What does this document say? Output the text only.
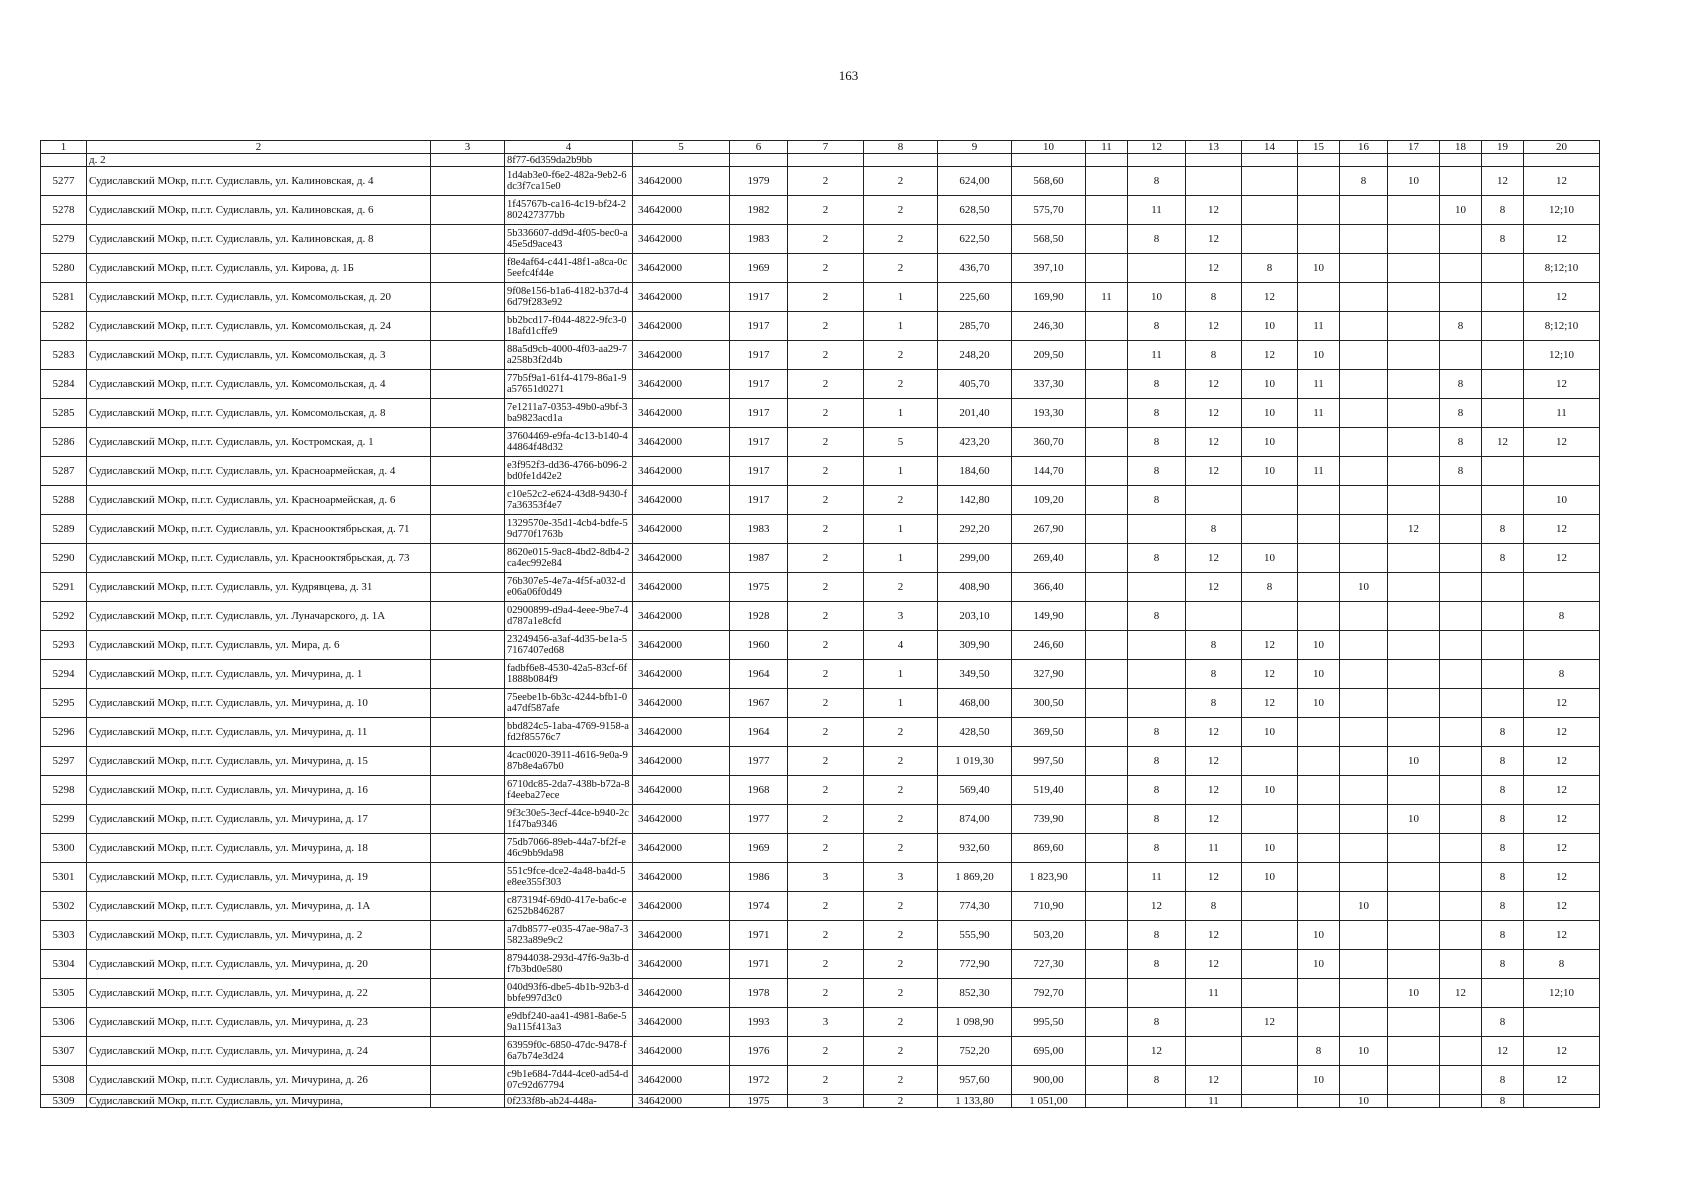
163
1	2	3	4	5	6	7	8	9	10	11	12	13	14	15	16	17	18	19	20
	д. 2		8f77-6d359da2b9bb																
5277	Судиславский МОкр, п.г.т. Судиславль, ул. Калиновская, д. 4		1d4ab3e0-f6e2-482a-9eb2-6dc3f7ca15e0	34642000	1979	2	2	624,00	568,60		8				8	10		12	12
5278	Судиславский МОкр, п.г.т. Судиславль, ул. Калиновская, д. 6		1f45767b-ca16-4c19-bf24-2802427377bb	34642000	1982	2	2	628,50	575,70		11	12					10	8	12;10
5279	Судиславский МОкр, п.г.т. Судиславль, ул. Калиновская, д. 8		5b336607-dd9d-4f05-bec0-a45e5d9ace43	34642000	1983	2	2	622,50	568,50		8	12						8	12
5280	Судиславский МОкр, п.г.т. Судиславль, ул. Кирова, д. 1Б		f8e4af64-c441-48f1-a8ca-0c5eefc4f44e	34642000	1969	2	2	436,70	397,10			12	8	10					8;12;10
5281	Судиславский МОкр, п.г.т. Судиславль, ул. Комсомольская, д. 20		9f08e156-b1a6-4182-b37d-46d79f283e92	34642000	1917	2	1	225,60	169,90	11	10	8	12						12
5282	Судиславский МОкр, п.г.т. Судиславль, ул. Комсомольская, д. 24		bb2bcd17-f044-4822-9fc3-018afd1cffe9	34642000	1917	2	1	285,70	246,30		8	12	10	11			8		8;12;10
5283	Судиславский МОкр, п.г.т. Судиславль, ул. Комсомольская, д. 3		88a5d9cb-4000-4f03-aa29-7a258b3f2d4b	34642000	1917	2	2	248,20	209,50		11	8	12	10					12;10
5284	Судиславский МОкр, п.г.т. Судиславль, ул. Комсомольская, д. 4		77b5f9a1-61f4-4179-86a1-9a57651d0271	34642000	1917	2	2	405,70	337,30		8	12	10	11			8		12
5285	Судиславский МОкр, п.г.т. Судиславль, ул. Комсомольская, д. 8		7e1211a7-0353-49b0-a9bf-3ba9823acd1a	34642000	1917	2	1	201,40	193,30		8	12	10	11			8		11
5286	Судиславский МОкр, п.г.т. Судиславль, ул. Костромская, д. 1		37604469-e9fa-4c13-b140-444864f48d32	34642000	1917	2	5	423,20	360,70		8	12	10				8	12	12
5287	Судиславский МОкр, п.г.т. Судиславль, ул. Красноармейская, д. 4		e3f952f3-dd36-4766-b096-2bd0fe1d42e2	34642000	1917	2	1	184,60	144,70		8	12	10	11			8		
5288	Судиславский МОкр, п.г.т. Судиславль, ул. Красноармейская, д. 6		c10e52c2-e624-43d8-9430-f7a36353f4e7	34642000	1917	2	2	142,80	109,20		8								10
5289	Судиславский МОкр, п.г.т. Судиславль, ул. Краснооктябрьская, д. 71		1329570e-35d1-4cb4-bdfe-59d770f1763b	34642000	1983	2	1	292,20	267,90			8				12		8	12
5290	Судиславский МОкр, п.г.т. Судиславль, ул. Краснооктябрьская, д. 73		8620e015-9ac8-4bd2-8db4-2ca4ec992e84	34642000	1987	2	1	299,00	269,40		8	12	10					8	12
5291	Судиславский МОкр, п.г.т. Судиславль, ул. Кудрявцева, д. 31		76b307e5-4e7a-4f5f-a032-de06a06f0d49	34642000	1975	2	2	408,90	366,40			12	8		10				
5292	Судиславский МОкр, п.г.т. Судиславль, ул. Луначарского, д. 1А		02900899-d9a4-4eee-9be7-4d787a1e8cfd	34642000	1928	2	3	203,10	149,90		8								8
5293	Судиславский МОкр, п.г.т. Судиславль, ул. Мира, д. 6		23249456-a3af-4d35-be1a-57167407ed68	34642000	1960	2	4	309,90	246,60			8	12	10					
5294	Судиславский МОкр, п.г.т. Судиславль, ул. Мичурина, д. 1		fadbf6e8-4530-42a5-83cf-6f1888b084f9	34642000	1964	2	1	349,50	327,90			8	12	10					8
5295	Судиславский МОкр, п.г.т. Судиславль, ул. Мичурина, д. 10		75eebe1b-6b3c-4244-bfb1-0a47df587afe	34642000	1967	2	1	468,00	300,50			8	12	10					12
5296	Судиславский МОкр, п.г.т. Судиславль, ул. Мичурина, д. 11		bbd824c5-1aba-4769-9158-afd2f85576c7	34642000	1964	2	2	428,50	369,50		8	12	10					8	12
5297	Судиславский МОкр, п.г.т. Судиславль, ул. Мичурина, д. 15		4cac0020-3911-4616-9e0a-987b8e4a67b0	34642000	1977	2	2	1 019,30	997,50		8	12				10		8	12
5298	Судиславский МОкр, п.г.т. Судиславль, ул. Мичурина, д. 16		6710dc85-2da7-438b-b72a-8f4eeba27ece	34642000	1968	2	2	569,40	519,40		8	12	10					8	12
5299	Судиславский МОкр, п.г.т. Судиславль, ул. Мичурина, д. 17		9f3c30e5-3ecf-44ce-b940-2c1f47ba9346	34642000	1977	2	2	874,00	739,90		8	12				10		8	12
5300	Судиславский МОкр, п.г.т. Судиславль, ул. Мичурина, д. 18		75db7066-89eb-44a7-bf2f-e46c9bb9da98	34642000	1969	2	2	932,60	869,60		8	11	10					8	12
5301	Судиславский МОкр, п.г.т. Судиславль, ул. Мичурина, д. 19		551c9fce-dce2-4a48-ba4d-5e8ee355f303	34642000	1986	3	3	1 869,20	1 823,90		11	12	10					8	12
5302	Судиславский МОкр, п.г.т. Судиславль, ул. Мичурина, д. 1А		c873194f-69d0-417e-ba6c-e6252b846287	34642000	1974	2	2	774,30	710,90		12	8			10			8	12
5303	Судиславский МОкр, п.г.т. Судиславль, ул. Мичурина, д. 2		a7db8577-e035-47ae-98a7-35823a89e9c2	34642000	1971	2	2	555,90	503,20		8	12		10				8	12
5304	Судиславский МОкр, п.г.т. Судиславль, ул. Мичурина, д. 20		87944038-293d-47f6-9a3b-df7b3bd0e580	34642000	1971	2	2	772,90	727,30		8	12		10				8	8
5305	Судиславский МОкр, п.г.т. Судиславль, ул. Мичурина, д. 22		040d93f6-dbe5-4b1b-92b3-dbbfe997d3c0	34642000	1978	2	2	852,30	792,70			11				10	12		12;10
5306	Судиславский МОкр, п.г.т. Судиславль, ул. Мичурина, д. 23		e9dbf240-aa41-4981-8a6e-59a115f413a3	34642000	1993	3	2	1 098,90	995,50		8		12					8	
5307	Судиславский МОкр, п.г.т. Судиславль, ул. Мичурина, д. 24		63959f0c-6850-47dc-9478-f6a7b74e3d24	34642000	1976	2	2	752,20	695,00		12			8	10			12	12
5308	Судиславский МОкр, п.г.т. Судиславль, ул. Мичурина, д. 26		c9b1e684-7d44-4ce0-ad54-d07c92d67794	34642000	1972	2	2	957,60	900,00		8	12		10				8	12
5309	Судиславский МОкр, п.г.т. Судиславль, ул. Мичурина,		0f233f8b-ab24-448a-	34642000	1975	3	2	1 133,80	1 051,00			11			10			8	
